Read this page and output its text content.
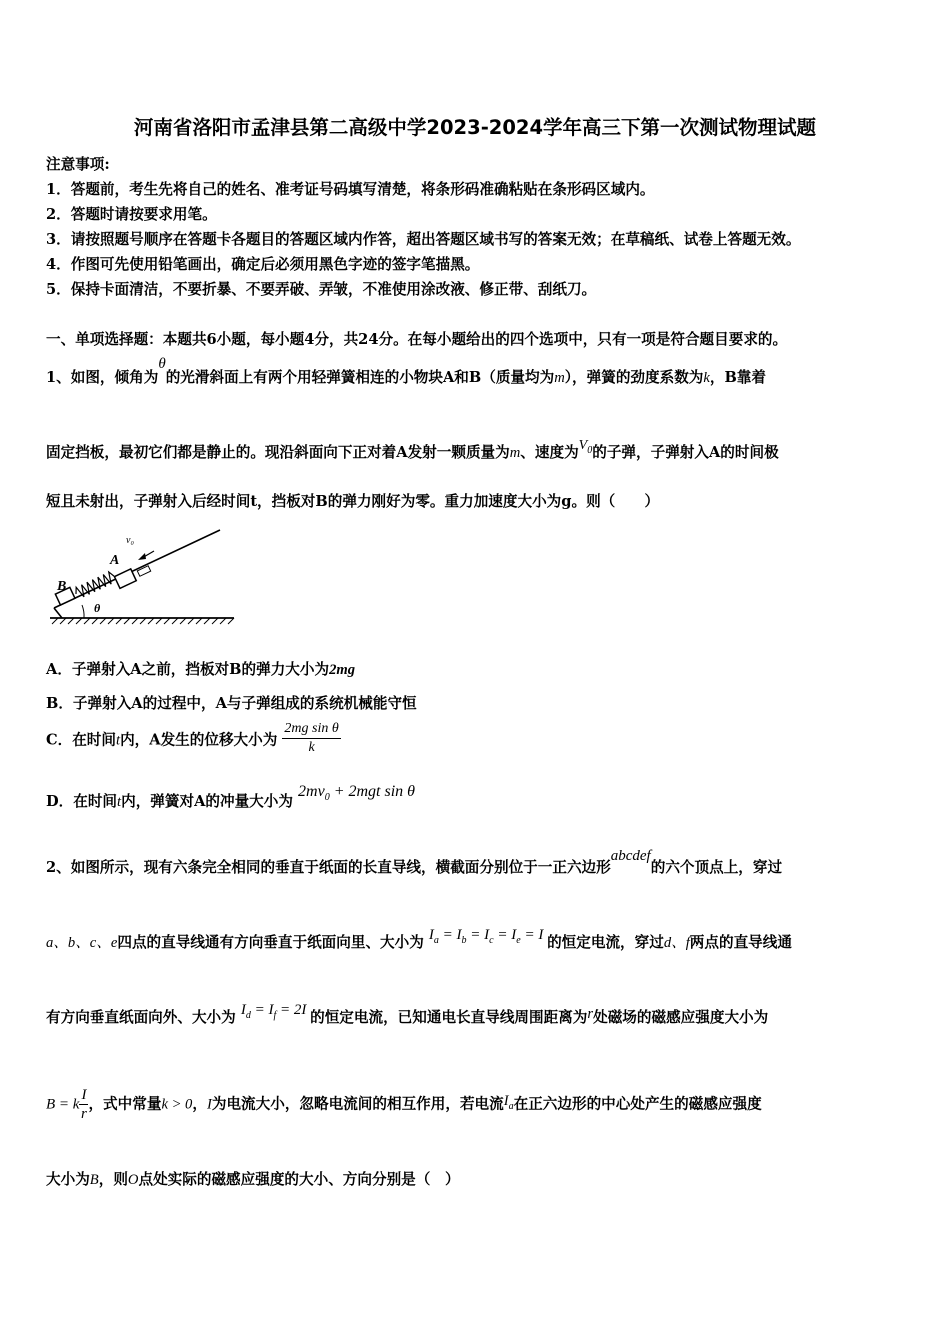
河南省洛阳市孟津县第二高级中学2023-2024学年高三下第一次测试物理试题
注意事项:
1．答题前，考生先将自己的姓名、准考证号码填写清楚，将条形码准确粘贴在条形码区域内。
2．答题时请按要求用笔。
3．请按照题号顺序在答题卡各题目的答题区域内作答，超出答题区域书写的答案无效；在草稿纸、试卷上答题无效。
4．作图可先使用铅笔画出，确定后必须用黑色字迹的签字笔描黑。
5．保持卡面清洁，不要折暴、不要弄破、弄皱，不准使用涂改液、修正带、刮纸刀。
一、单项选择题：本题共6小题，每小题4分，共24分。在每小题给出的四个选项中，只有一项是符合题目要求的。
1、如图，倾角为θ的光滑斜面上有两个用轻弹簧相连的小物块A和B（质量均为m），弹簧的劲度系数为k，B靠着
固定挡板，最初它们都是静止的。现沿斜面向下正对着A发射一颗质量为m、速度为$V_0$的子弹，子弹射入A的时间极
短且未射出，子弹射入后经时间t，挡板对B的弹力刚好为零。重力加速度大小为g。则（　　）
B
A
θ
v₀
A．子弹射入A之前，挡板对B的弹力大小为2mg
B．子弹射入A的过程中，A与子弹组成的系统机械能守恒
C．在时间t内，A发生的位移大小为 $\frac{\text{2mg sin θ}}{k}$
D．在时间t内，弹簧对A的冲量大小为 $2mv_0 + 2mgt$ sin θ
2、如图所示，现有六条完全相同的垂直于纸面的长直导线，横截面分别位于一正六边形abcdef的六个顶点上，穿过
a、b、c、e四点的直导线通有方向垂直于纸面向里、大小为 $I_a = I_b = I_c = I_e = I$ 的恒定电流，穿过d、f两点的直导线通
有方向垂直纸面向外、大小为 $I_d = I_f = 2I$ 的恒定电流，已知通电长直导线周围距离为r处磁场的磁感应强度大小为
B = k $\frac{I}{r}$ ，式中常量k > 0，I为电流大小，忽略电流间的相互作用，若电流$I_a$在正六边形的中心处产生的磁感应强度
大小为B，则O点处实际的磁感应强度的大小、方向分别是（　）
